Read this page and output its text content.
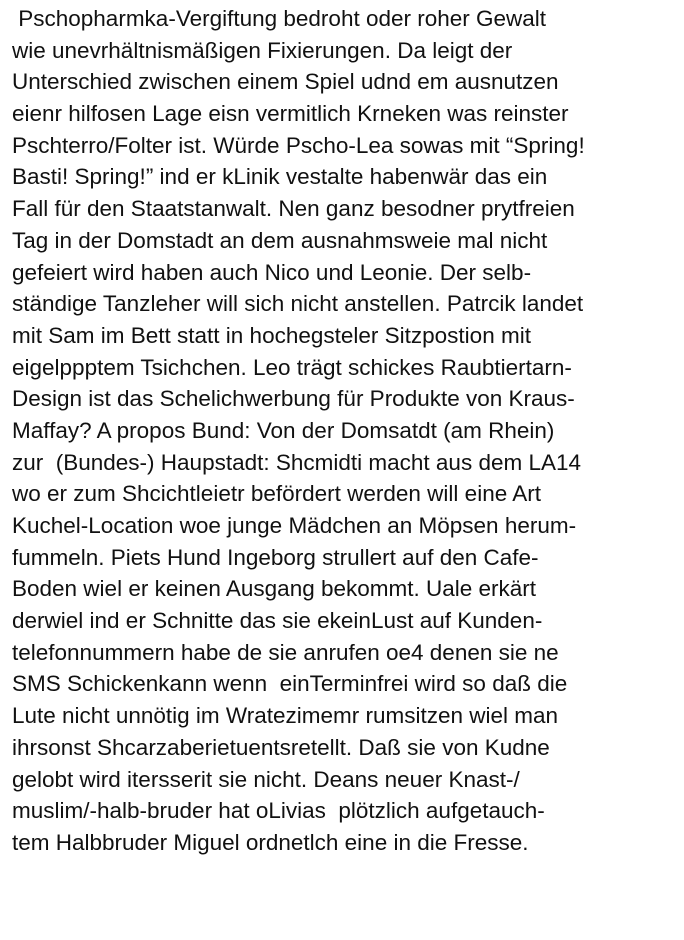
Pschopharmka-Vergiftung bedroht oder roher Gewalt
wie unevrhältnismäßigen Fixierungen. Da leigt der
Unterschied zwischen einem Spiel udnd em ausnutzen
eienr hilfosen Lage eisn vermitlich Krneken was reinster
Pschterro/Folter ist. Würde Pscho-Lea sowas mit “Spring!
Basti! Spring!” ind er kLinik vestalte habenwär das ein
Fall für den Staatstanwalt. Nen ganz besodner prytfreien
Tag in der Domstadt an dem ausnahmsweie mal nicht
gefeiert wird haben auch Nico und Leonie. Der selb-
ständige Tanzleher will sich nicht anstellen. Patrcik landet
mit Sam im Bett statt in hochegsteler Sitzpostion mit
eigelppptem Tsichchen. Leo trägt schickes Raubtiertarn-
Design ist das Schelichwerbung für Produkte von Kraus-
Maffay? A propos Bund: Von der Domsatdt (am Rhein)
zur  (Bundes-) Haupstadt: Shcmidti macht aus dem LA14
wo er zum Shcichtleietr befördert werden will eine Art
Kuchel-Location woe junge Mädchen an Möpsen herum-
fummeln. Piets Hund Ingeborg strullert auf den Cafe-
Boden wiel er keinen Ausgang bekommt. Uale erkärt
derwiel ind er Schnitte das sie ekeinLust auf Kunden-
telefonnummern habe de sie anrufen oe4 denen sie ne
SMS Schickenkann wenn  einTerminfrei wird so daß die
Lute nicht unnötig im Wratezimemr rumsitzen wiel man
ihrsonst Shcarzaberietuentsretellt. Daß sie von Kudne
gelobt wird itersserit sie nicht. Deans neuer Knast-/
muslim/-halb-bruder hat oLivias  plötzlich aufgetauch-
tem Halbbruder Miguel ordnetlch eine in die Fresse.
